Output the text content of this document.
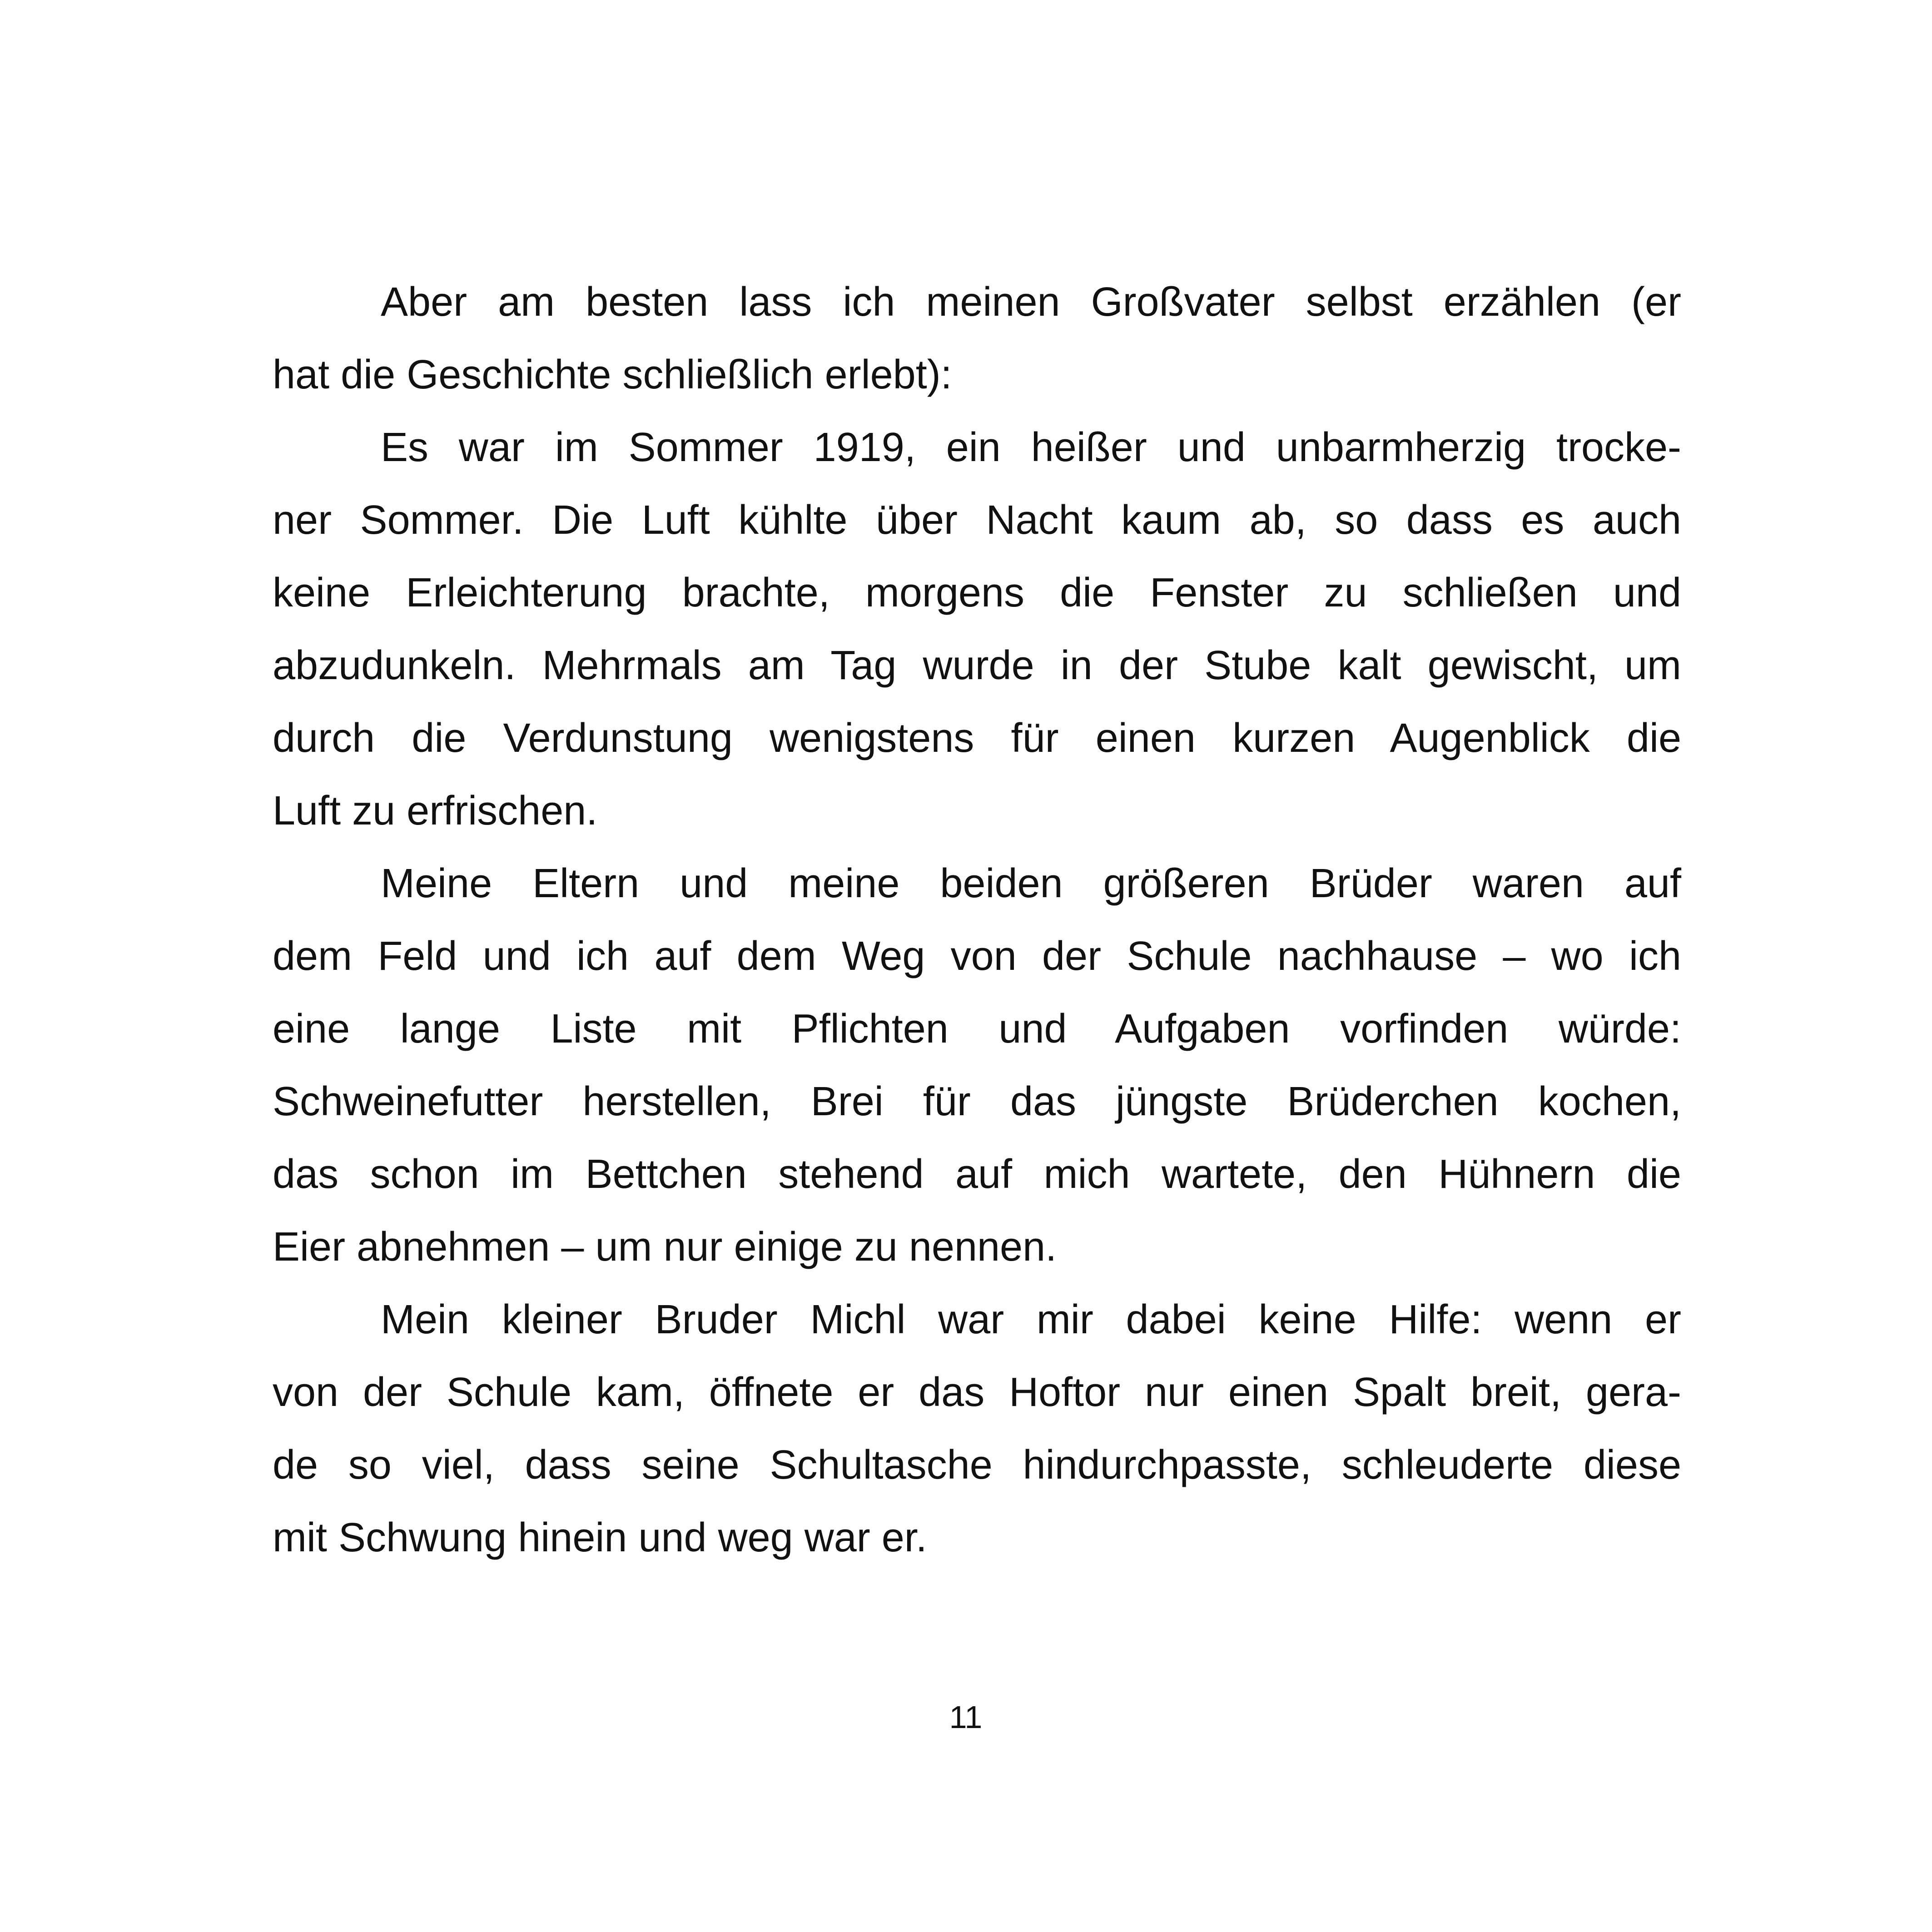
Aber am besten lass ich meinen Großvater selbst erzählen (er
hat die Geschichte schließlich erlebt):
Es war im Sommer 1919, ein heißer und unbarmherzig trocke-
ner Sommer. Die Luft kühlte über Nacht kaum ab, so dass es auch
keine Erleichterung brachte, morgens die Fenster zu schließen und
abzudunkeln. Mehrmals am Tag wurde in der Stube kalt gewischt, um
durch die Verdunstung wenigstens für einen kurzen Augenblick die
Luft zu erfrischen.
Meine Eltern und meine beiden größeren Brüder waren auf
dem Feld und ich auf dem Weg von der Schule nachhause – wo ich
eine lange Liste mit Pflichten und Aufgaben vorfinden würde:
Schweinefutter herstellen, Brei für das jüngste Brüderchen kochen,
das schon im Bettchen stehend auf mich wartete, den Hühnern die
Eier abnehmen – um nur einige zu nennen.
Mein kleiner Bruder Michl war mir dabei keine Hilfe: wenn er
von der Schule kam, öffnete er das Hoftor nur einen Spalt breit, gera-
de so viel, dass seine Schultasche hindurchpasste, schleuderte diese
mit Schwung hinein und weg war er.
11
